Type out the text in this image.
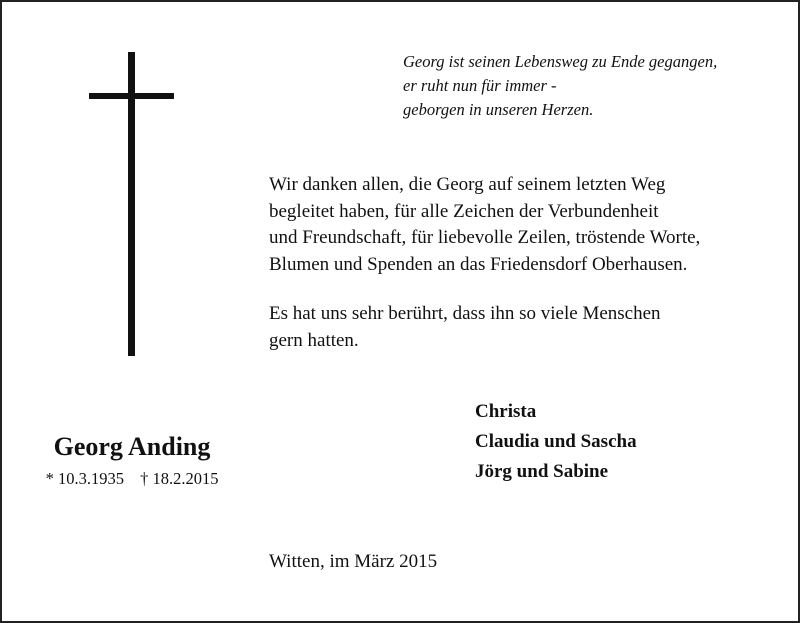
Georg ist seinen Lebensweg zu Ende gegangen,
er ruht nun für immer -
geborgen in unseren Herzen.

Wir danken allen, die Georg auf seinem letzten Weg
begleitet haben, für alle Zeichen der Verbundenheit
und Freundschaft, für liebevolle Zeilen, tröstende Worte,
Blumen und Spenden an das Friedensdorf Oberhausen.

Es hat uns sehr berührt, dass ihn so viele Menschen
gern hatten.

Christa
Claudia und Sascha
Jörg und Sabine
Georg Anding
* 10.3.1935 † 18.2.2015
Witten, im März 2015
